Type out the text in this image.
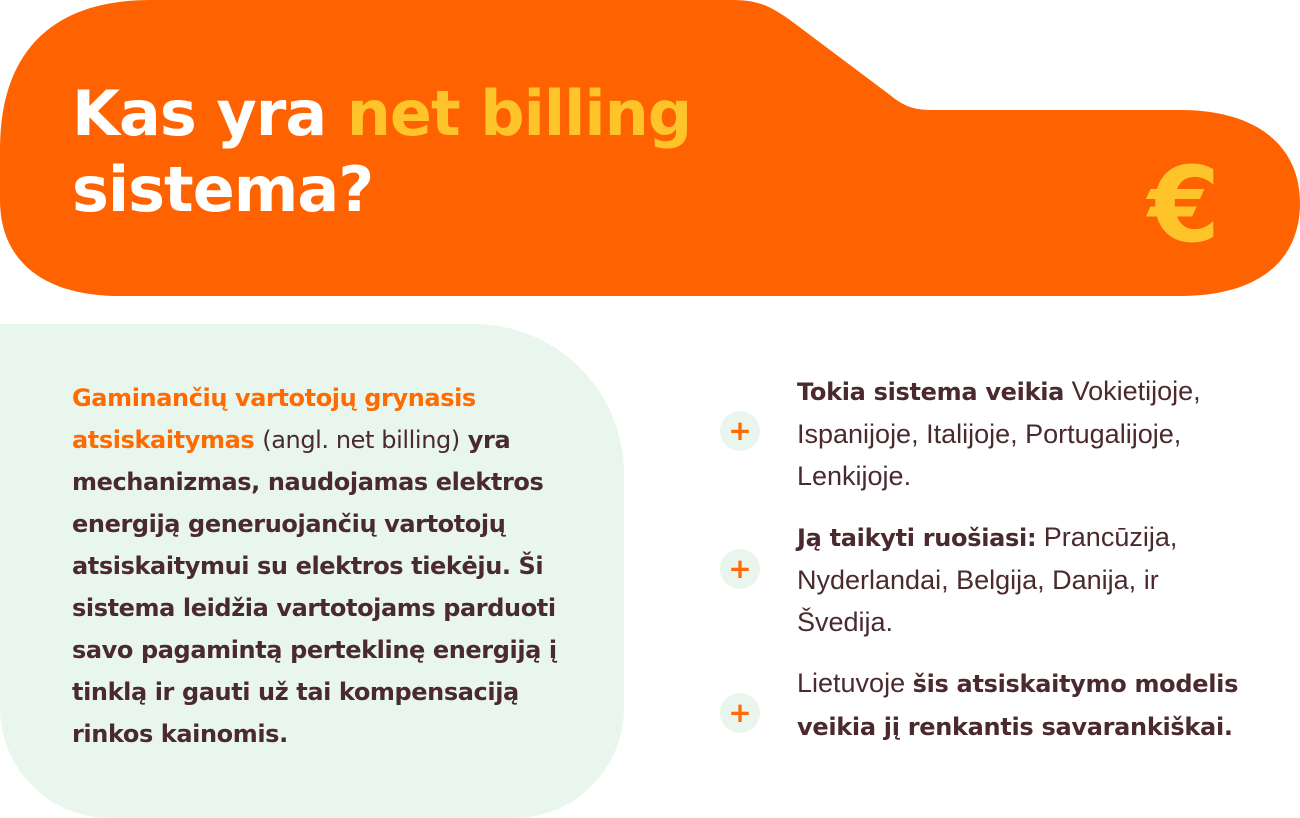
Kas yra net billing
sistema?	€

Gaminančių vartotojų grynasis atsiskaitymas (angl. net billing) yra mechanizmas, naudojamas elektros energiją generuojančių vartotojų atsiskaitymui su elektros tiekėju. Ši sistema leidžia vartotojams parduoti savo pagamintą perteklinę energiją į tinklą ir gauti už tai kompensaciją rinkos kainomis.

+

Tokia sistema veikia Vokietijoje, Ispanijoje, Italijoje, Portugalijoje, Lenkijoje.

+

Ją taikyti ruošiasi: Prancūzija, Nyderlandai, Belgija, Danija, ir Švedija.

+

Lietuvoje šis atsiskaitymo modelis veikia jį renkantis savarankiškai.
